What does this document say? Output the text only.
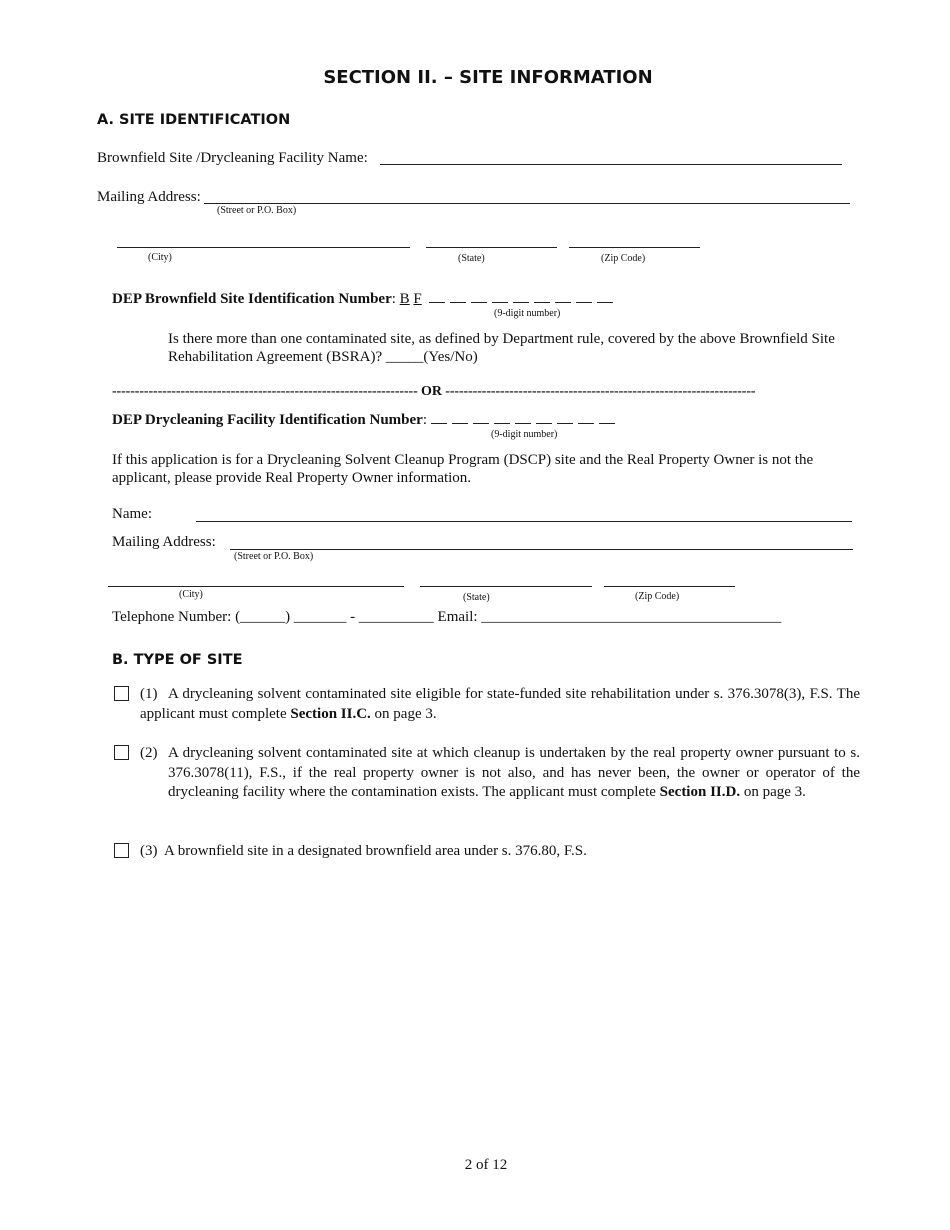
SECTION II. – SITE INFORMATION
A. SITE IDENTIFICATION
Brownfield Site /Drycleaning Facility Name:
Mailing Address:
(Street or P.O. Box)
(City)	(State)	(Zip Code)
DEP Brownfield Site Identification Number: B F
(9-digit number)
Is there more than one contaminated site, as defined by Department rule, covered by the above Brownfield Site
Rehabilitation Agreement (BSRA)? _____(Yes/No)
------------------------------------------------------------------- OR --------------------------------------------------------------------
DEP Drycleaning Facility Identification Number:
(9-digit number)
If this application is for a Drycleaning Solvent Cleanup Program (DSCP) site and the Real Property Owner is not the
applicant, please provide Real Property Owner information.
Name:
Mailing Address:
(Street or P.O. Box)
(City)	(State)	(Zip Code)
Telephone Number: (______) _______ - __________ Email: ________________________________________
B. TYPE OF SITE
(1) A drycleaning solvent contaminated site eligible for state-funded site rehabilitation under s. 376.3078(3), F.S. The applicant must complete Section II.C. on page 3.
(2) A drycleaning solvent contaminated site at which cleanup is undertaken by the real property owner pursuant to s. 376.3078(11), F.S., if the real property owner is not also, and has never been, the owner or operator of the drycleaning facility where the contamination exists. The applicant must complete Section II.D. on page 3.
(3) A brownfield site in a designated brownfield area under s. 376.80, F.S.
2 of 12
